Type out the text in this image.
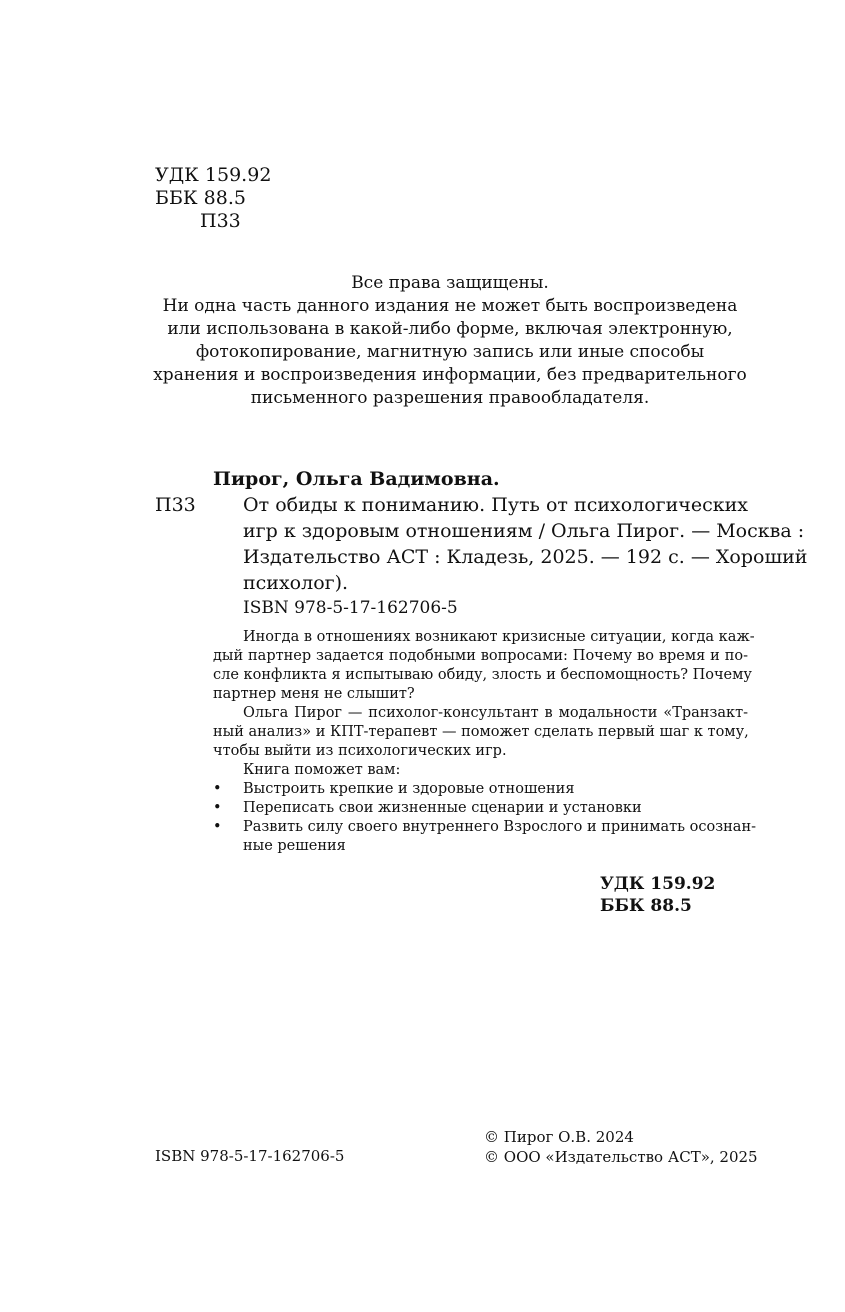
УДК 159.92
ББК 88.5
П33
Все права защищены.
Ни одна часть данного издания не может быть воспроизведена
или использована в какой-либо форме, включая электронную,
фотокопирование, магнитную запись или иные способы
хранения и воспроизведения информации, без предварительного
письменного разрешения правообладателя.
Пирог, Ольга Вадимовна.
П33 От обиды к пониманию. Путь от психологических
игр к здоровым отношениям / Ольга Пирог. — Москва :
Издательство АСТ : Кладезь, 2025. — 192 с. — Хороший
психолог).
ISBN 978-5-17-162706-5
Иногда в отношениях возникают кризисные ситуации, когда каж-
дый партнер задается подобными вопросами: Почему во время и по-
сле конфликта я испытываю обиду, злость и беспомощность? Почему
партнер меня не слышит?
Ольга Пирог — психолог-консультант в модальности «Транзакт-
ный анализ» и КПТ-терапевт — поможет сделать первый шаг к тому,
чтобы выйти из психологических игр.
Книга поможет вам:
• Выстроить крепкие и здоровые отношения
• Переписать свои жизненные сценарии и установки
• Развить силу своего внутреннего Взрослого и принимать осознан-
ные решения
УДК 159.92
ББК 88.5
ISBN 978-5-17-162706-5
© Пирог О.В. 2024
© ООО «Издательство АСТ», 2025
